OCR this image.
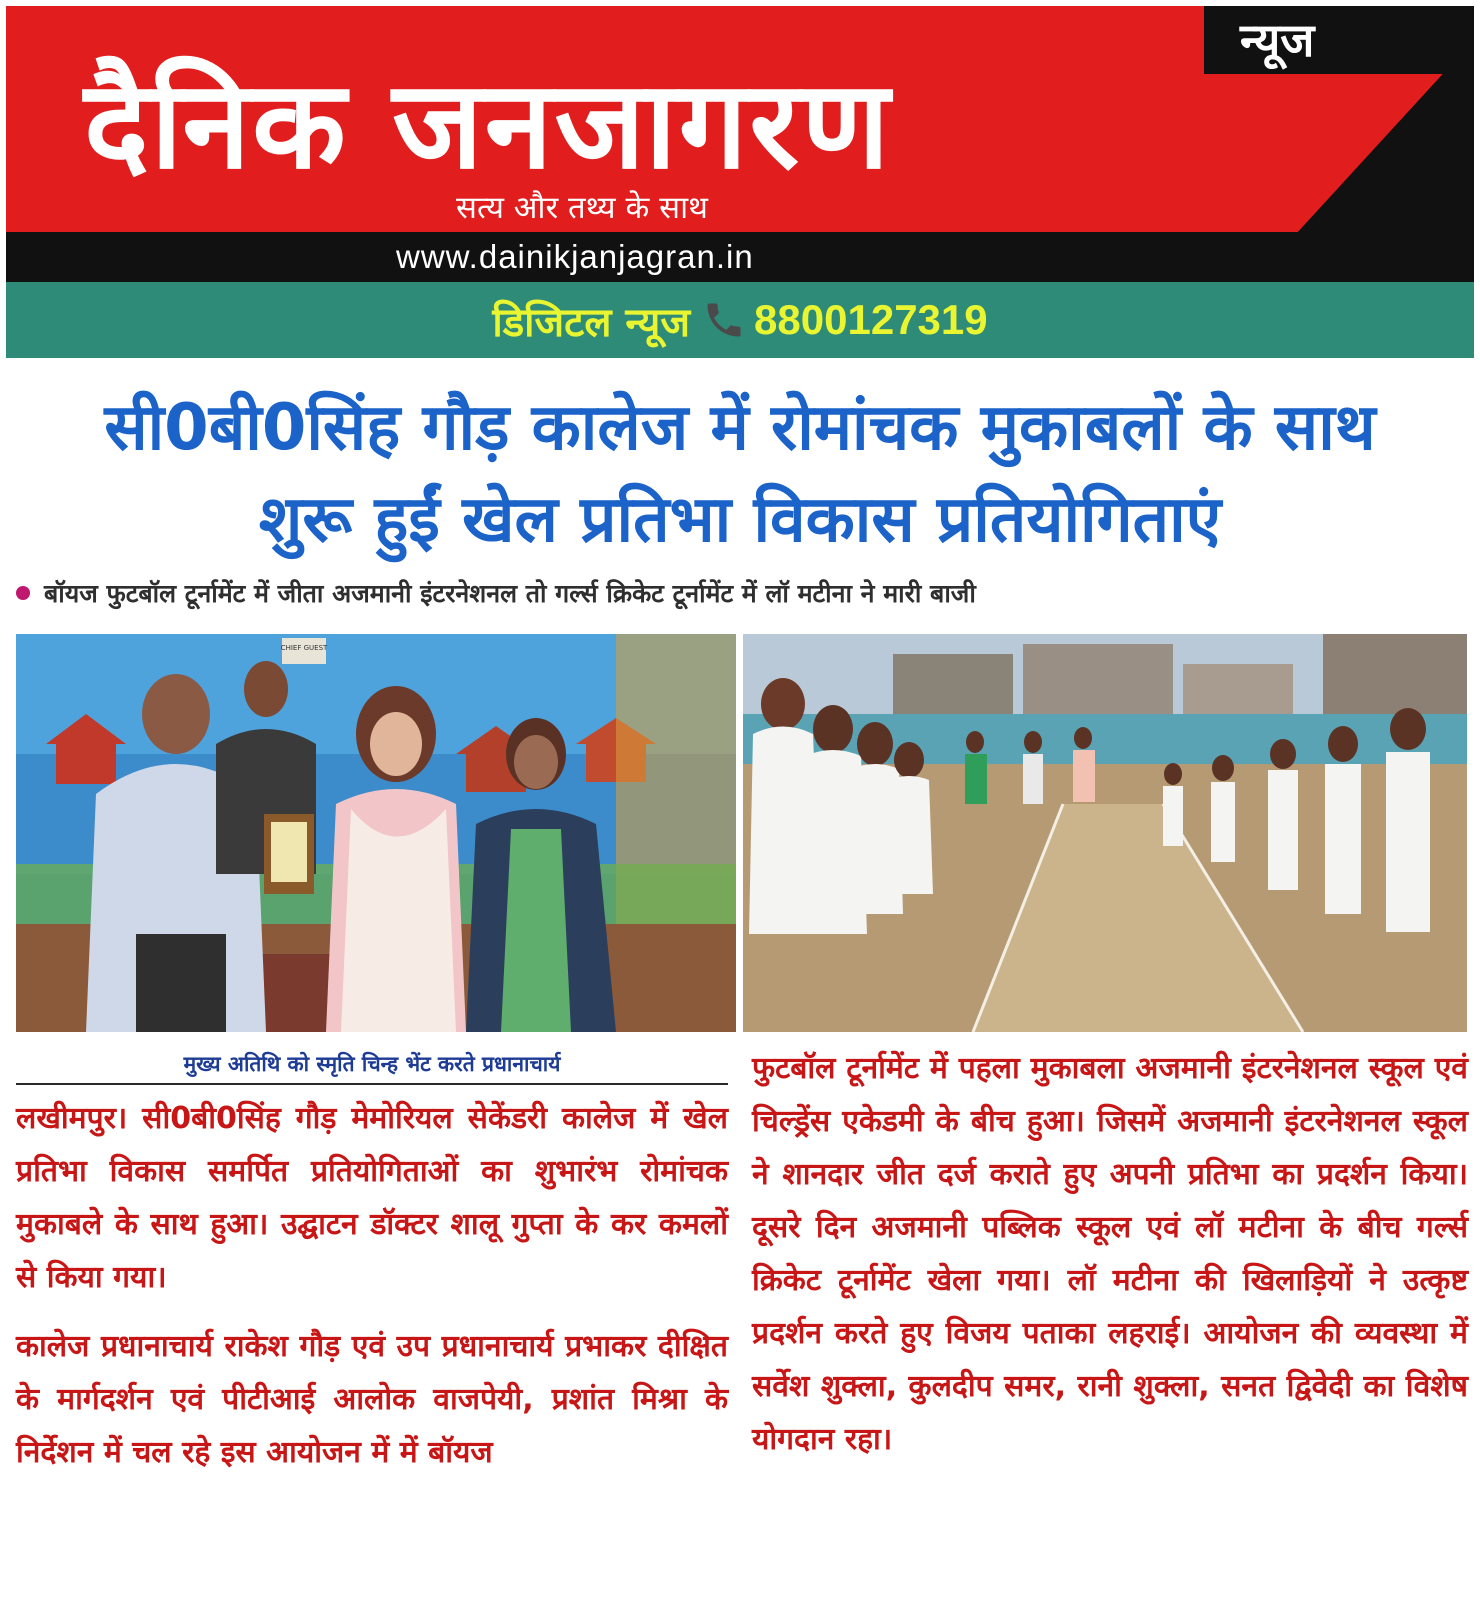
न्यूज
दैनिक जनजागरण
सत्य और तथ्य के साथ
www.dainikjanjagran.in
डिजिटल न्यूज 8800127319
सी0बी0सिंह गौड़ कालेज में रोमांचक मुकाबलों के साथ
शुरू हुईं खेल प्रतिभा विकास प्रतियोगिताएं
बॉयज फुटबॉल टूर्नामेंट में जीता अजमानी इंटरनेशनल तो गर्ल्स क्रिकेट टूर्नामेंट में लॉ मटीना ने मारी बाजी
CHIEF GUEST
मुख्य अतिथि को स्मृति चिन्ह भेंट करते प्रधानाचार्य

लखीमपुर। सी0बी0सिंह गौड़ मेमोरियल सेकेंडरी कालेज में खेल प्रतिभा विकास समर्पित प्रतियोगिताओं का शुभारंभ रोमांचक मुकाबले के साथ हुआ। उद्घाटन डॉक्टर शालू गुप्ता के कर कमलों से किया गया।

कालेज प्रधानाचार्य राकेश गौड़ एवं उप प्रधानाचार्य प्रभाकर दीक्षित के मार्गदर्शन एवं पीटीआई आलोक वाजपेयी, प्रशांत मिश्रा के निर्देशन में चल रहे इस आयोजन में में बॉयज

फुटबॉल टूर्नामेंट में पहला मुकाबला अजमानी इंटरनेशनल स्कूल एवं चिल्ड्रेंस एकेडमी के बीच हुआ। जिसमें अजमानी इंटरनेशनल स्कूल ने शानदार जीत दर्ज कराते हुए अपनी प्रतिभा का प्रदर्शन किया। दूसरे दिन अजमानी पब्लिक स्कूल एवं लॉ मटीना के बीच गर्ल्स क्रिकेट टूर्नामेंट खेला गया। लॉ मटीना की खिलाड़ियों ने उत्कृष्ट प्रदर्शन करते हुए विजय पताका लहराई। आयोजन की व्यवस्था में सर्वेश शुक्ला, कुलदीप समर, रानी शुक्ला, सनत द्विवेदी का विशेष योगदान रहा।
